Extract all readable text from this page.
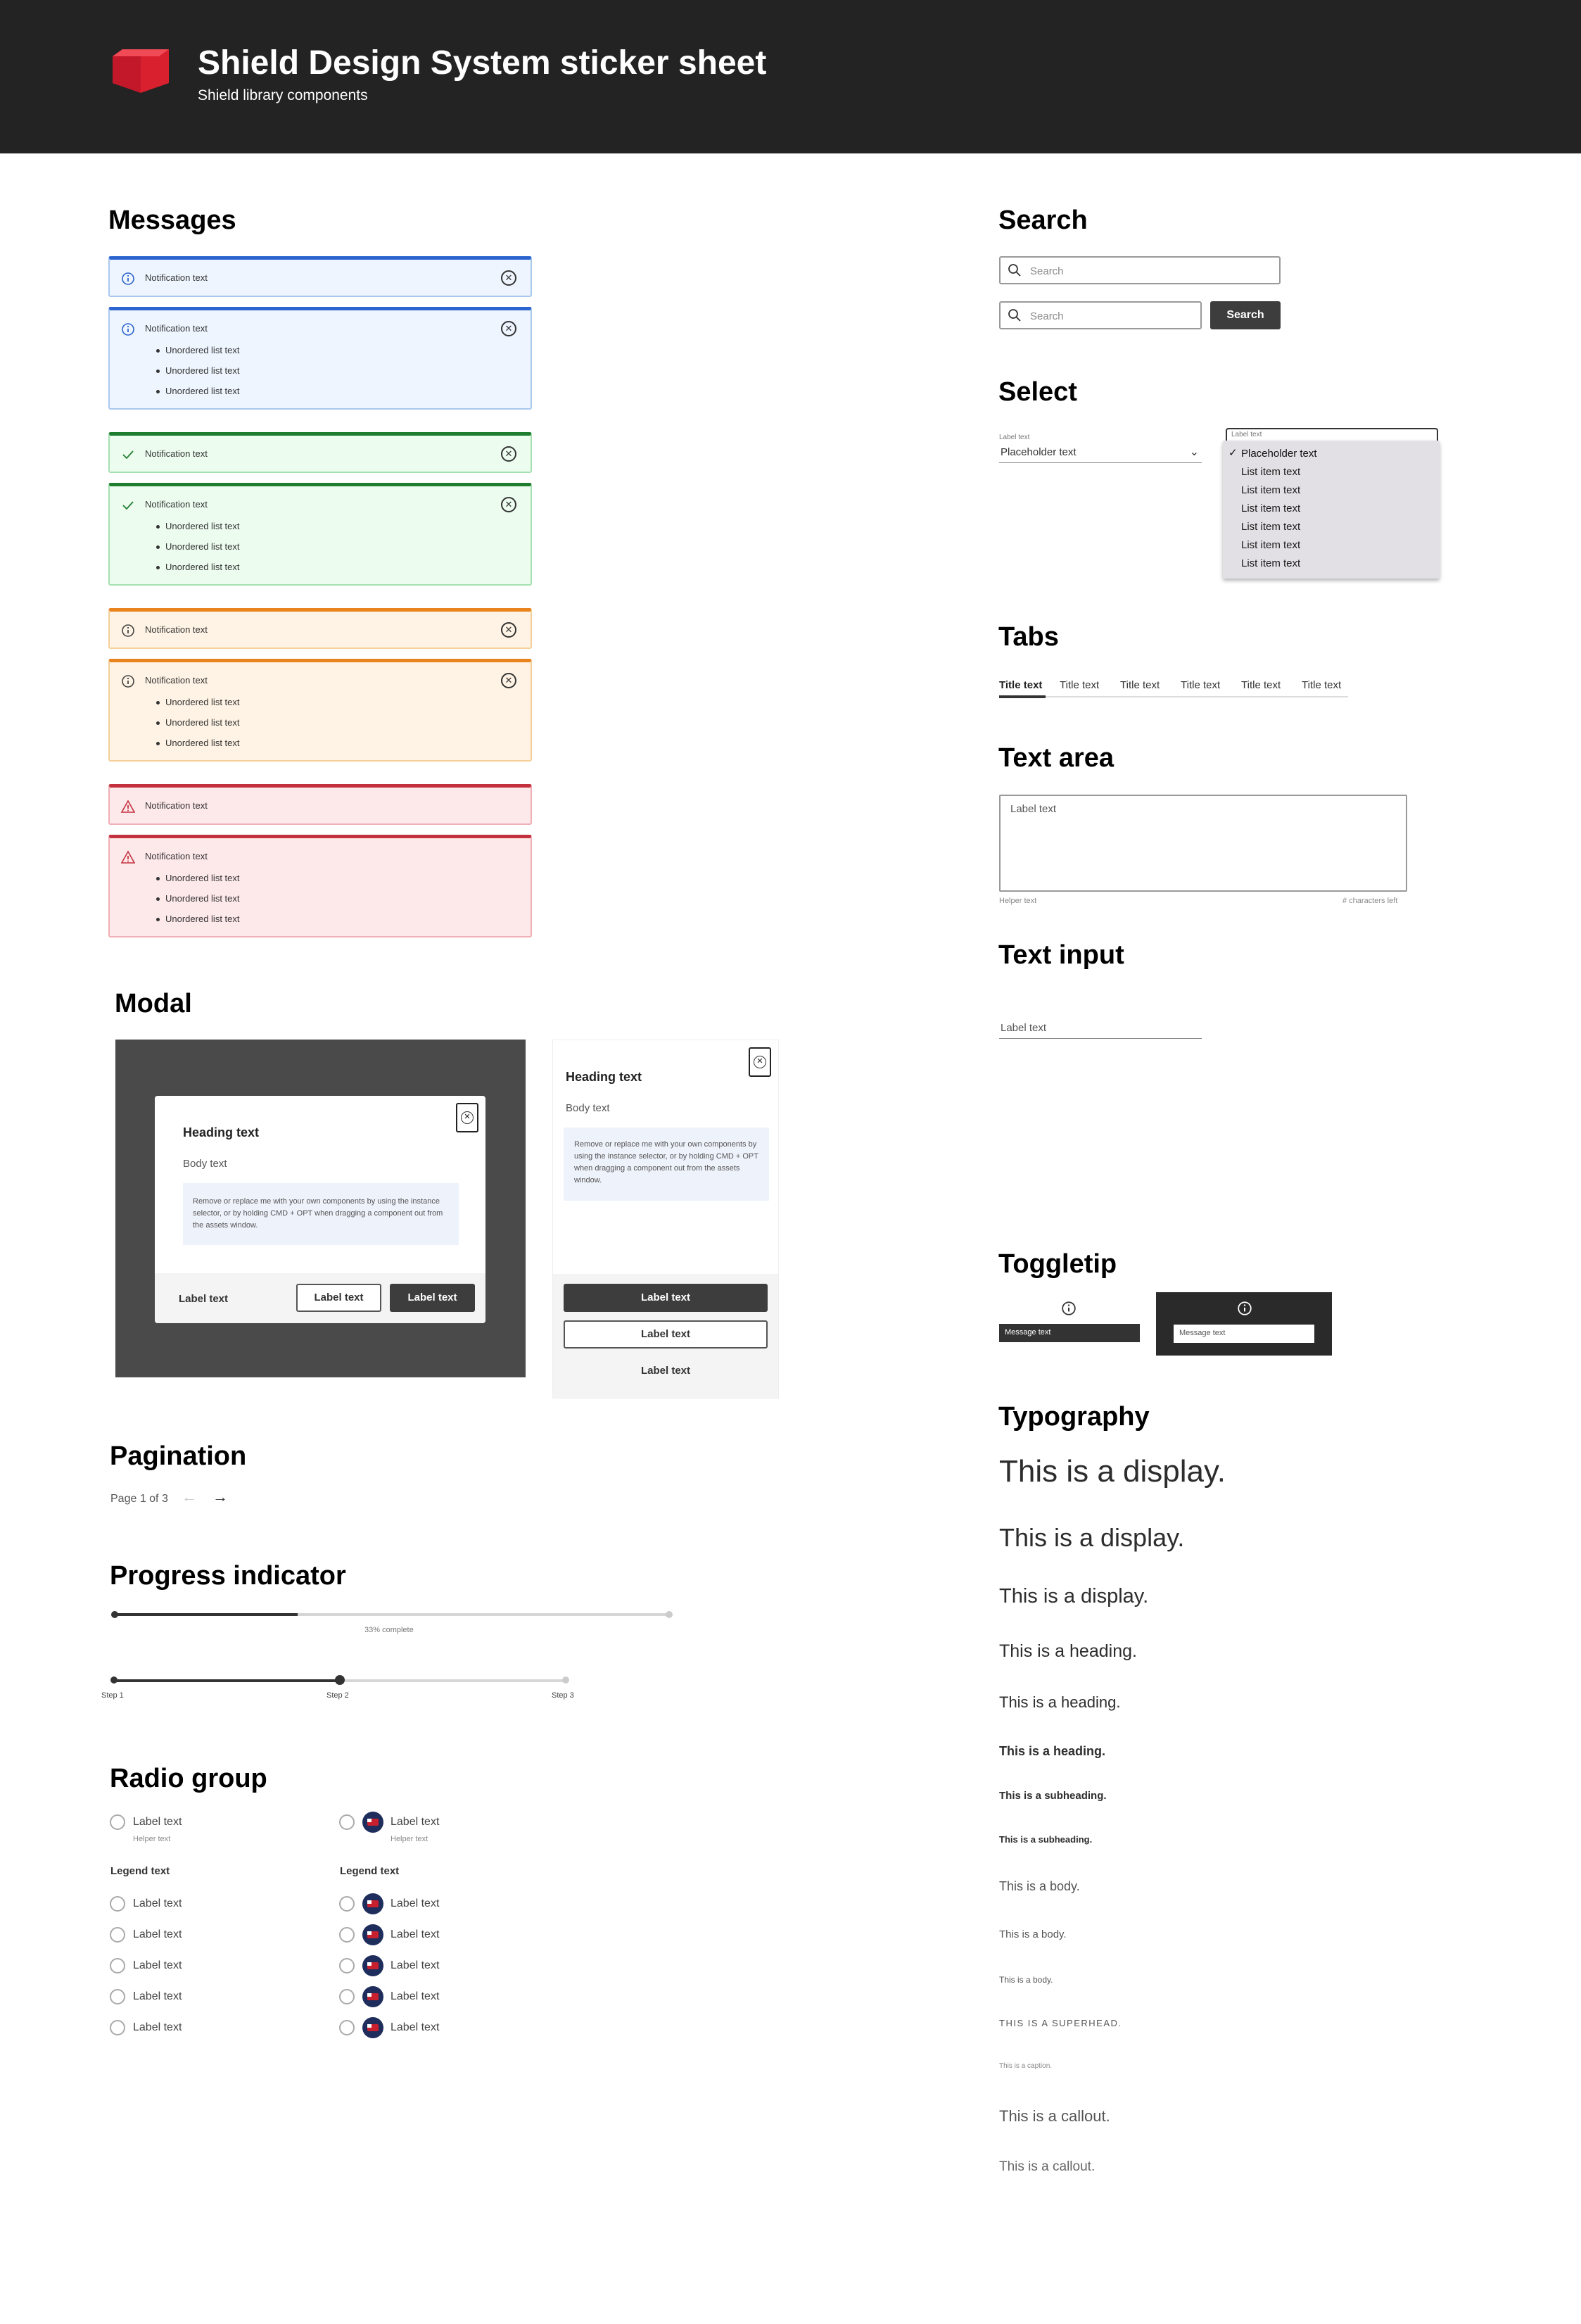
Shield Design System sticker sheet
Shield library components
Messages
Notification text	✕
Notification text	✕
Unordered list text
Unordered list text
Unordered list text
Notification text	✕
Notification text	✕
Unordered list text
Unordered list text
Unordered list text
Notification text	✕
Notification text	✕
Unordered list text
Unordered list text
Unordered list text
Notification text
Notification text
Unordered list text
Unordered list text
Unordered list text
Modal
✕
Heading text
Body text
Remove or replace me with your own components by using the instance selector, or by holding CMD + OPT when dragging a component out from the assets window.
Label text	Label text	Label text
✕
Heading text
Body text
Remove or replace me with your own components by using the instance selector, or by holding CMD + OPT when dragging a component out from the assets window.
Label text
Label text
Label text
Pagination
Page 1 of 3 ← →
Progress indicator
33% complete
Step 1	Step 2	Step 3
Radio group
Label text
Helper text
Label text
Helper text
Legend text	Legend text
Label text
Label text
Label text
Label text
Label text
Label text
Label text
Label text
Label text
Label text
Search
Search
Search	Search
Select
Label text
Placeholder text	⌄
Label text
✓ Placeholder text
List item text
List item text
List item text
List item text
List item text
List item text
Tabs
Title text Title text Title text Title text Title text Title text
Text area
Label text
Helper text	# characters left
Text input
Label text
Toggletip
Message text	Message text
Typography
This is a display.
This is a display.
This is a display.
This is a heading.
This is a heading.
This is a heading.
This is a subheading.
This is a subheading.
This is a body.
This is a body.
This is a body.
THIS IS A SUPERHEAD.
This is a caption.
This is a callout.
This is a callout.
